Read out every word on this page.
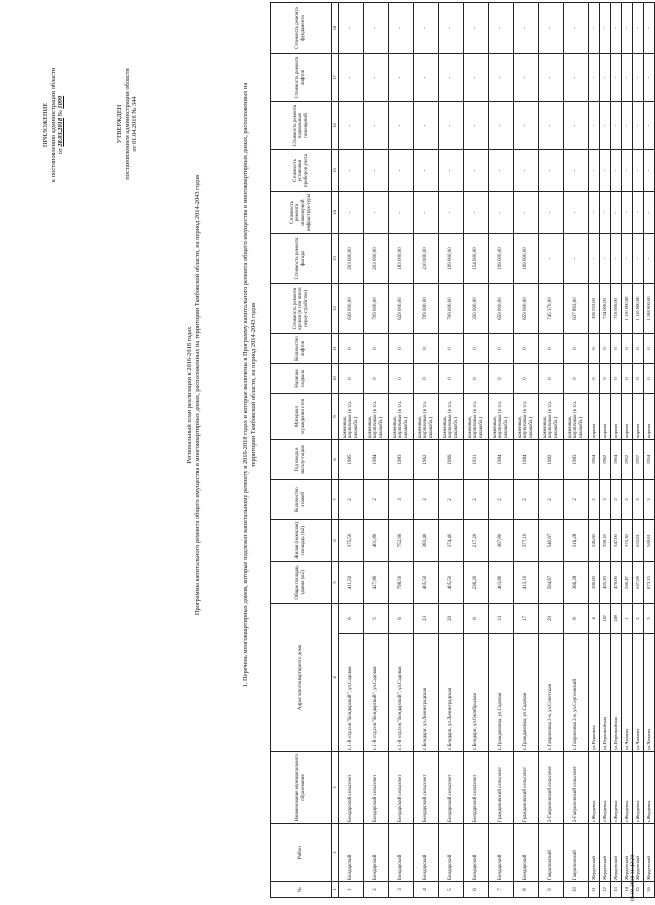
ПРИЛОЖЕНИЕ к постановлению администрации области от 28.03.2018 № 1099
УТВЕРЖДЕН постановлением администрации области от 01.04.2016 № 344
Региональный план реализации в 2016-2018 годах Программы капитального ремонта общего имущества в многоквартирных домах, расположенных на территории Тамбовской области, на период 2014-2043 годов	1. Перечень многоквартирных домов, которые подлежат капитальному ремонту в 2016-2018 годах и которые включены в Программу капитального ремонта общего имущества в многоквартирных домах, расположенных на территории Тамбовской области, на период 2014-2043 годов
№	Район	Наименование муниципального образования	Адрес многоквартирного дома		Общая площадь здания (м2)	Жилая (нежилая) площадь (м2)	Количество этажей	Год ввода в эксплу-тацию	Материал ограждения стен	Наличие подвала	Количество лифтов	Стоимость ремонта кровли (в том числе переу-стройство)	Стоимость ремонта фасада	Стоимость ремонта инженерной инфраструк-туры	Стоимость установки приборов учета	Стоимость ремонта подвальных помещений	Стоимость ремонта лифтов	Стоимость ремонта фундамента
1	2	3	4		5	6	7	8	9	10	11	12	13	14	15	16	17	18
1	Бондарский	Бондарский сельсовет	с.1-й отд.сов."Бондарский", ул.Садовая	6	411,50	375,50	2	1985	каменные, кирпичные (в т.ч. шлакобл.)	0	0	639 000,00	203 000,00	-	-	-	-	-
2	Бондарский	Бондарский сельсовет	с.1-й отд.сов."Бондарский", ул.Садовая	5	427,80	401,80	2	1984	каменные, кирпичные (в т.ч. шлакобл.)	0	0	709 000,00	203 000,00	-	-	-	-	-
3	Бондарский	Бондарский сельсовет	с.1-й отд.сов."Бондарский", ул.Садовая	6	798,50	752,90	3	1983	каменные, кирпичные (в т.ч. шлакобл.)	0	0	629 000,00	183 000,00	-	-	-	-	-
4	Бондарский	Бондарский сельсовет	с.Бондари, ул.Ленинградская	23	405,50	383,40	2	1962	каменные, кирпичные (в т.ч. шлакобл.)	0	0	709 000,00	210 000,00	-	-	-	-	-
5	Бондарский	Бондарский сельсовет	с.Бондари, ул.Ленинградская	29	405,50	374,40	2	1969	каменные, кирпичные (в т.ч. шлакобл.)	0	0	709 000,00	199 000,00	-	-	-	-	-
6	Бондарский	Бондарский сельсовет	с.Бондари, ул.Октябрьская	6	236,20	217,20	2	1931	каменные, кирпичные (в т.ч. шлакобл.)	0	0	350 000,00	154 000,00	-	-	-	-	-
7	Бондарский	Граждановский сельсовет	с.Граждановка, ул.Садовая	13	403,80	367,80	2	1984	каменные, кирпичные (в т.ч. шлакобл.)	0	0	659 000,00	199 000,00	-	-	-	-	-
8	Бондарский	Граждановский сельсовет	с.Граждановка, ул.Садовая	17	413,10	377,10	2	1984	каменные, кирпичные (в т.ч. шлакобл.)	0	0	659 000,00	199 000,00	-	-	-	-	-
9	Гавриловский	2-Гавриловский сельсовет	с.Гавриловка 2-я, ул.Советская	29	594,67	540,67	2	1982	каменные, кирпичные (в т.ч. шлакобл.)	0	0	745 370,00	-	-	-	-	-	-
10	Гавриловский	2-Гавриловский сельсовет	с.Гавриловка 2-я, ул.Сергеевский	8	366,28	316,28	2	1983	каменные, кирпичные (в т.ч. шлакобл.)	0	0	637 893,00	-	-	-	-	-	-
11	Жердевский	г.Жердевка	ул.Первомая	4	280,00	245,00	2	1964	кирпич	0	0	385 033,00	-	-	-	-	-	-
12	Жердевский	г.Жердевка	ул.Первомайская	147	405,20	359,10	3	1982	кирпич	6	0	734 000,00	-	-	-	-	-	-
13	Жердевский	г.Жердевка	ул.Первомайская	149	470,00	347,00	2	1964	кирпич	0	0	716 000,00	-	-	-	-	-	-
14	Жердевский	г.Жердевка	ул.Чапаева	1	560,47	375,30	2	1952	кирпич	0	0	1 110 000,00	-	-	-	-	-	-
15	Жердевский	г.Жердевка	ул.Чапаева	2	657,08	633,81	3	1957	кирпич	0	0	1 116 000,00	-	-	-	-	-	-
16	Жердевский	г.Жердевка	ул.Чапаева	3	873,15	569,81	3	1954	кирпич	0	0	1 188 000,00	-	-	-	-	-	-
06.03.2018 11:42:20
